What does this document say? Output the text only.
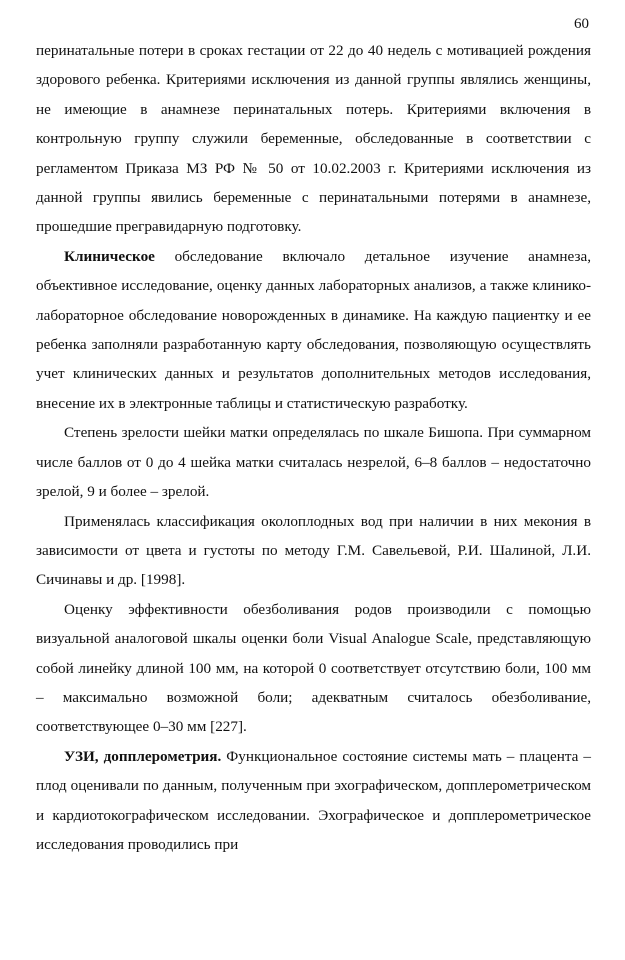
60

перинатальные потери в сроках гестации от 22 до 40 недель с мотивацией рождения здорового ребенка. Критериями исключения из данной группы являлись женщины, не имеющие в анамнезе перинатальных потерь. Критериями включения в контрольную группу служили беременные, обследованные в соответствии с регламентом Приказа МЗ РФ № 50 от 10.02.2003 г. Критериями исключения из данной группы явились беременные с перинатальными потерями в анамнезе, прошедшие прегравидарную подготовку.

Клиническое обследование включало детальное изучение анамнеза, объективное исследование, оценку данных лабораторных анализов, а также клинико-лабораторное обследование новорожденных в динамике. На каждую пациентку и ее ребенка заполняли разработанную карту обследования, позволяющую осуществлять учет клинических данных и результатов дополнительных методов исследования, внесение их в электронные таблицы и статистическую разработку.

Степень зрелости шейки матки определялась по шкале Бишопа. При суммарном числе баллов от 0 до 4 шейка матки считалась незрелой, 6–8 баллов – недостаточно зрелой, 9 и более – зрелой.

Применялась классификация околоплодных вод при наличии в них мекония в зависимости от цвета и густоты по методу Г.М. Савельевой, Р.И. Шалиной, Л.И. Сичинавы и др. [1998].

Оценку эффективности обезболивания родов производили с помощью визуальной аналоговой шкалы оценки боли Visual Analogue Scale, представляющую собой линейку длиной 100 мм, на которой 0 соответствует отсутствию боли, 100 мм – максимально возможной боли; адекватным считалось обезболивание, соответствующее 0–30 мм [227].

УЗИ, допплерометрия. Функциональное состояние системы мать – плацента – плод оценивали по данным, полученным при эхографическом, допплерометрическом и кардиотокографическом исследовании. Эхографическое и допплерометрическое исследования проводились при
